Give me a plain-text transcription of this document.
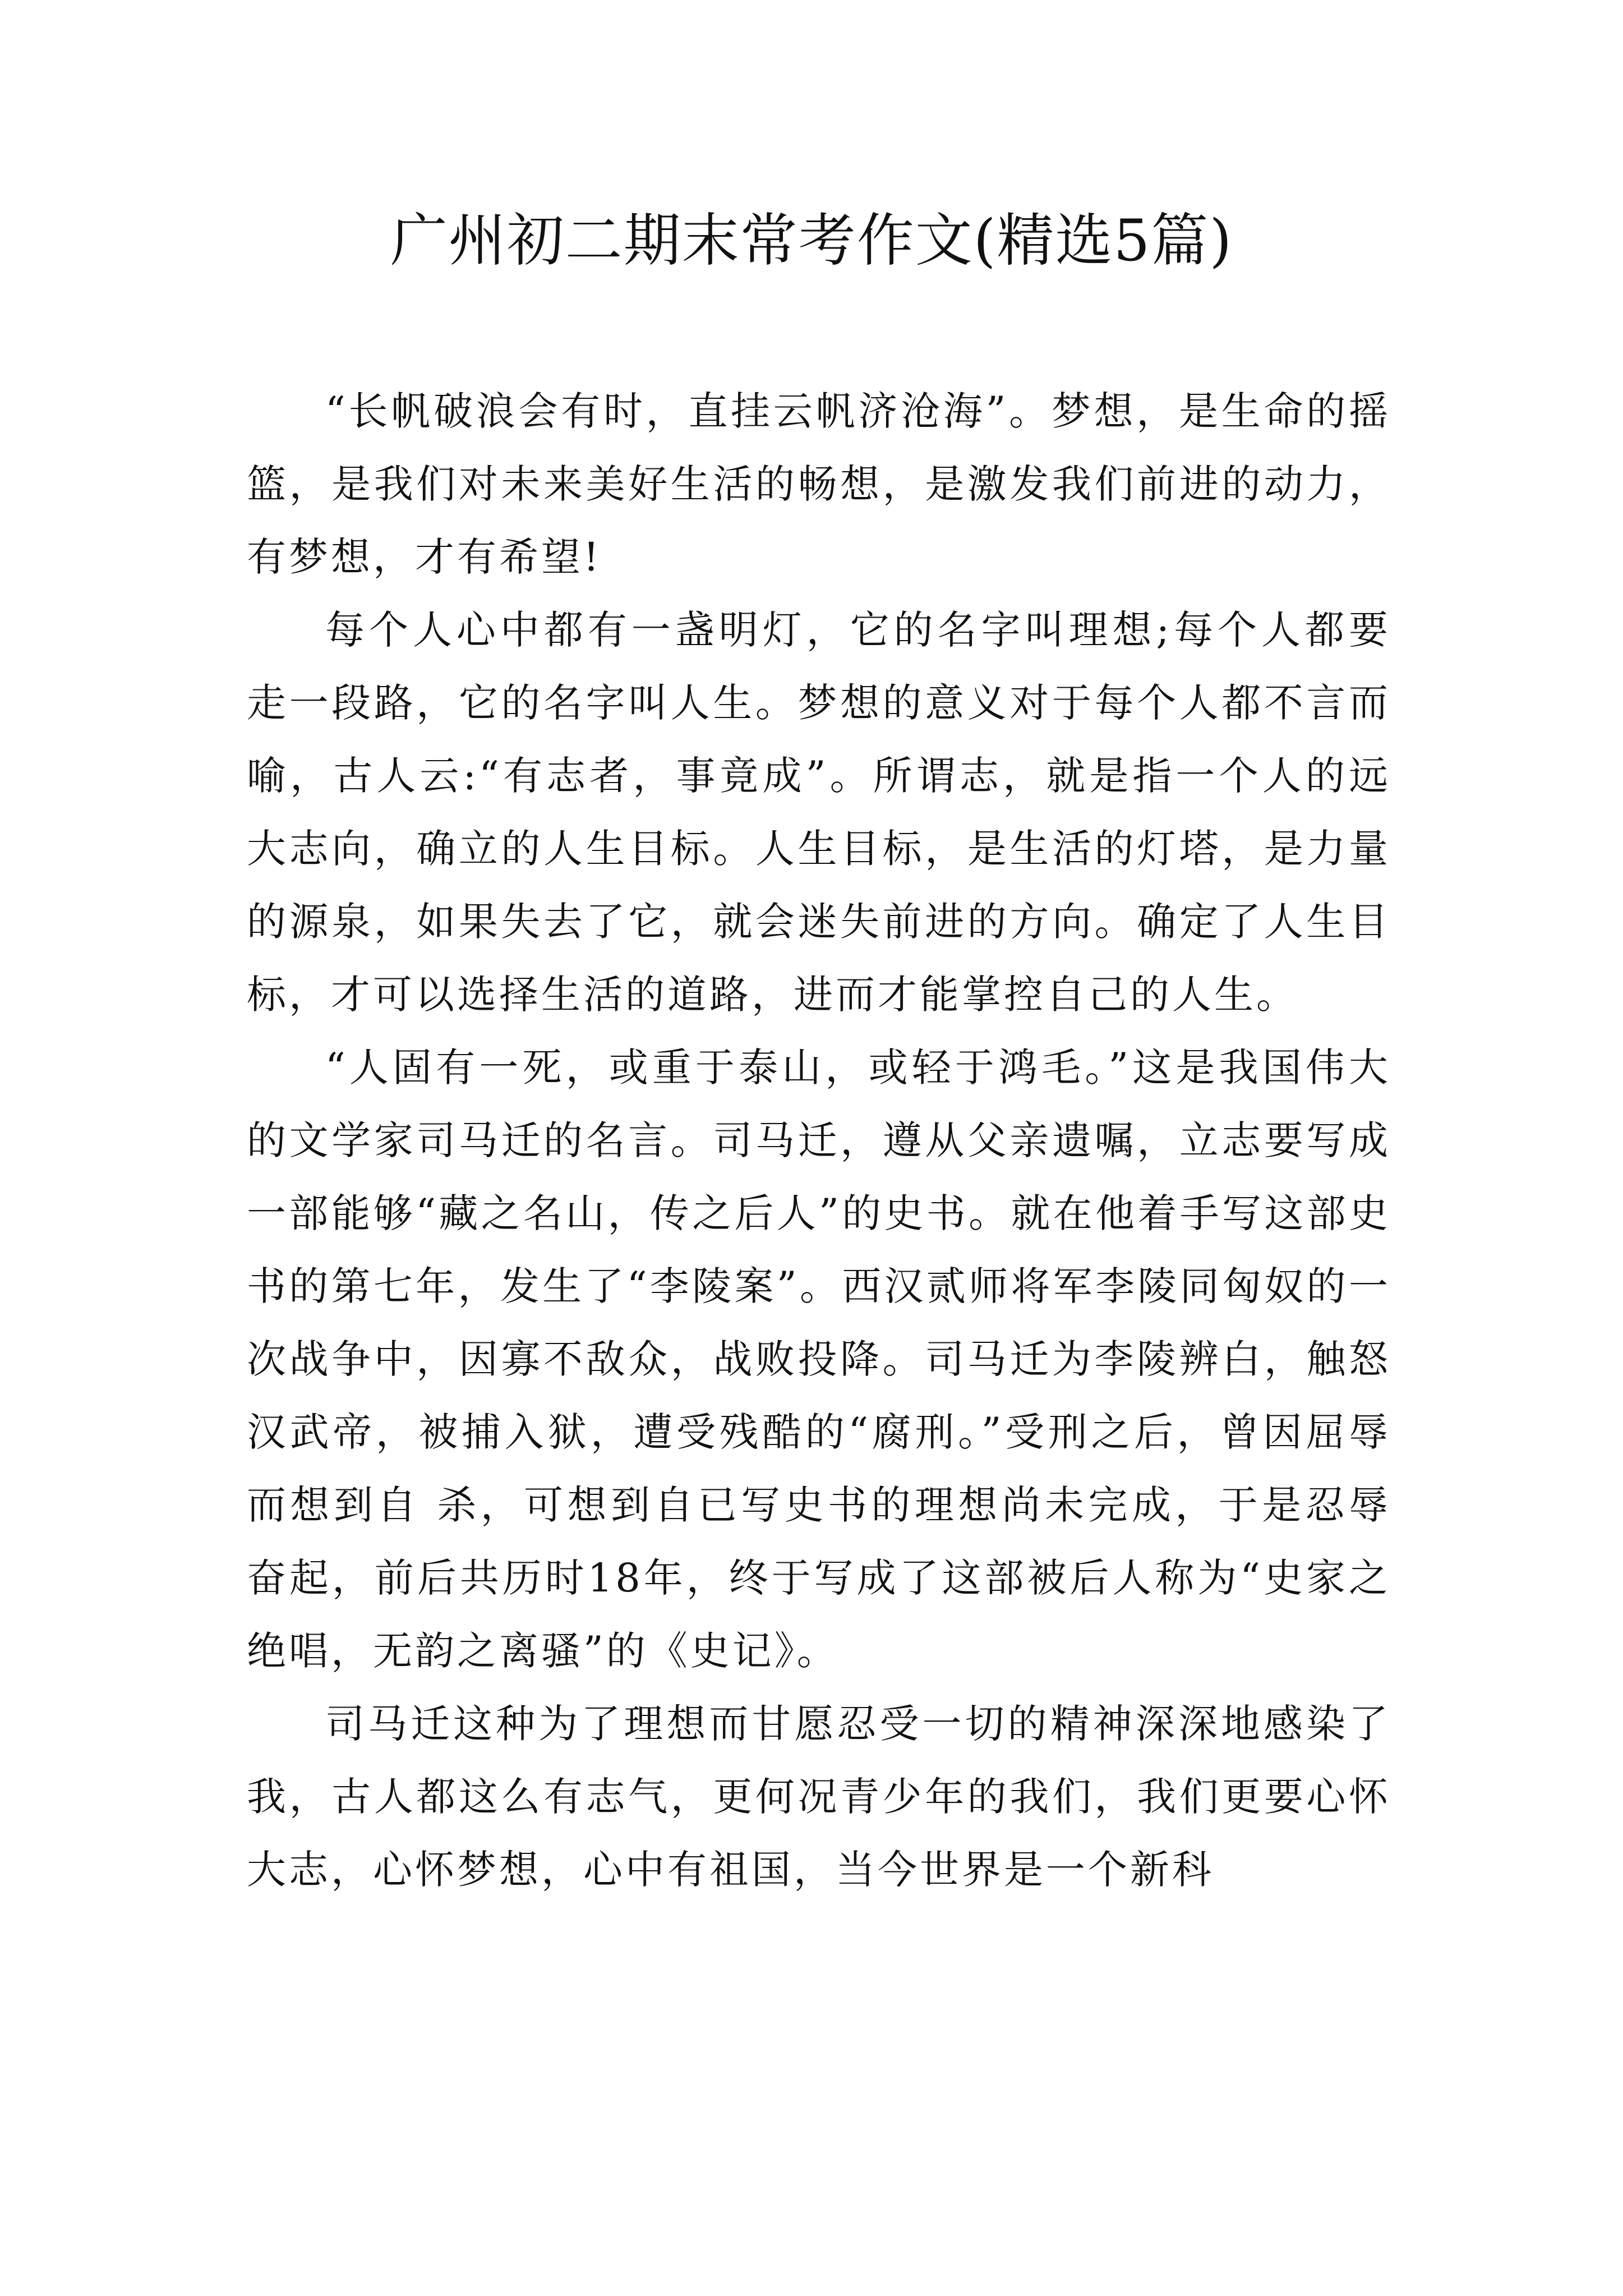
广州初二期末常考作文(精选5篇)

“长帆破浪会有时，直挂云帆济沧海”。梦想，是生命的摇篮，是我们对未来美好生活的畅想，是激发我们前进的动力，有梦想，才有希望!

每个人心中都有一盏明灯，它的名字叫理想;每个人都要走一段路，它的名字叫人生。梦想的意义对于每个人都不言而喻，古人云:“有志者，事竟成”。所谓志，就是指一个人的远大志向，确立的人生目标。人生目标，是生活的灯塔，是力量的源泉，如果失去了它，就会迷失前进的方向。确定了人生目标，才可以选择生活的道路，进而才能掌控自己的人生。

“人固有一死，或重于泰山，或轻于鸿毛。”这是我国伟大的文学家司马迁的名言。司马迁，遵从父亲遗嘱，立志要写成一部能够“藏之名山，传之后人”的史书。就在他着手写这部史书的第七年，发生了“李陵案”。西汉贰师将军李陵同匈奴的一次战争中，因寡不敌众，战败投降。司马迁为李陵辨白，触怒汉武帝，被捕入狱，遭受残酷的“腐刑。”受刑之后，曾因屈辱而想到自 杀，可想到自已写史书的理想尚未完成，于是忍辱奋起，前后共历时18年，终于写成了这部被后人称为“史家之绝唱，无韵之离骚”的《史记》。

司马迁这种为了理想而甘愿忍受一切的精神深深地感染了我，古人都这么有志气，更何况青少年的我们，我们更要心怀大志，心怀梦想，心中有祖国，当今世界是一个新科
